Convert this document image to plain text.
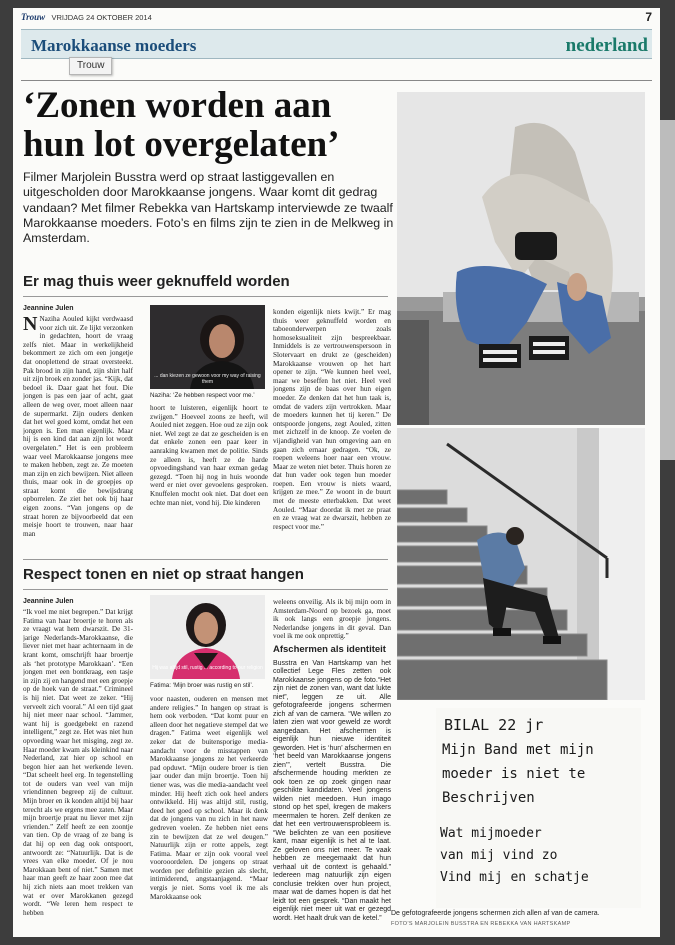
Trouw VRIJDAG 24 OKTOBER 2014	7
Marokkaanse moeders	nederland
Trouw
‘Zonen worden aan hun lot overgelaten’

Filmer Marjolein Busstra werd op straat lastiggevallen en uitgescholden door Marokkaanse jongens. Waar komt dit gedrag vandaan? Met filmer Rebekka van Hartskamp interviewde ze twaalf Marokkaanse moeders. Foto’s en films zijn te zien in de Melkweg in Amsterdam.

Er mag thuis weer geknuffeld worden
Jeannine Julen
N Naziha Aouled kijkt verdwaasd voor zich uit. Ze lijkt verzonken in gedachten, hoort de vraag zelfs niet. Maar in werkelijkheid bekommert ze zich om een jongetje dat onoplettend de straat oversteekt. Pak brood in zijn hand, zijn shirt half uit zijn broek en zonder jas. “Kijk, dat bedoel ik. Daar gaat het fout. Die jongen is pas een jaar of acht, gaat alleen de weg over, moet alleen naar de supermarkt. Zijn ouders denken dat het wel goed komt, omdat het een jongen is. Een man eigenlijk. Maar hij is een kind dat aan zijn lot wordt overgelaten.” Het is een probleem waar veel Marokkaanse jongens mee te maken hebben, zegt ze. Ze moeten man zijn en zich bewijzen. Niet alleen thuis, maar ook in de groepjes op straat komt die bewijsdrang opborrelen. Ze ziet het ook bij haar eigen zoons. “Van jongens op de straat horen ze bijvoorbeeld dat een meisje hoort te trouwen, naar haar man
... dan kiezen ze gewoon voor my way of raising them
Naziha: ‘Ze hebben respect voor me.’
hoort te luisteren, eigenlijk hoort te zwijgen.” Hoeveel zoons ze heeft, wil Aouled niet zeggen. Hoe oud ze zijn ook niet. Wel zegt ze dat ze gescheiden is en dat enkele zonen een paar keer in aanraking kwamen met de politie. Sinds ze alleen is, heeft ze de harde opvoedingshand van haar exman gedag gezegd. “Toen hij nog in huis woonde werd er niet over gevoelens gesproken. Knuffelen mocht ook niet. Dat doet een echte man niet, vond hij. Die kinderen
konden eigenlijk niets kwijt.” Er mag thuis weer geknuffeld worden en taboeonderwerpen zoals homoseksualiteit zijn bespreekbaar. Inmiddels is ze vertrouwenspersoon in Slotervaart en drukt ze (gescheiden) Marokkaanse vrouwen op het hart opener te zijn. “We kunnen heel veel, maar we beseffen het niet. Heel veel jongens zijn de baas over hun eigen moeder. Ze denken dat het hun taak is, omdat de vaders zijn vertrokken. Maar de moeders kunnen het tij keren.” De ontspoorde jongens, zegt Aouled, zitten met zichzelf in de knoop. Ze voelen de vijandigheid van hun omgeving aan en gaan zich ernaar gedragen. “Ok, ze roepen weleens hoer naar een vrouw. Maar ze weten niet beter. Thuis horen ze dat hun vader ook tegen hun moeder roepen. Een vrouw is niets waard, krijgen ze mee.” Ze woont in de buurt met de meeste etterbakken. Dat weet Aouled. “Maar doordat ik met ze praat en ze vraag wat ze dwarszit, hebben ze respect voor me.”
Respect tonen en niet op straat hangen
Jeannine Julen
“Ik voel me niet begrepen.” Dat krijgt Fatima van haar broertje te horen als ze vraagt wat hem dwarszit. De 31-jarige Nederlands-Marokkaanse, die liever niet met haar achternaam in de krant komt, omschrijft haar broertje als ‘het prototype Marokkaan’. “Een jongen met een bontkraag, een tasje in zijn zij en hangend met een groepje op de hoek van de straat.” Crimineel is hij niet. Dat weet ze zeker. “Hij verveelt zich vooral.” Al een tijd gaat hij niet meer naar school. “Jammer, want hij is goedgebekt en razend intelligent,” zegt ze. Het was niet hun opvoeding waar het misging, zegt ze. Haar moeder kwam als kleinkind naar Nederland, zat hier op school en begon hier aan het werkende leven. “Dat scheelt heel erg. In tegenstelling tot de ouders van veel van mijn vriendinnen begreep zij de cultuur. Mijn broer en ik konden altijd bij haar terecht als we ergens mee zaten. Maar mijn broertje praat nu liever met zijn vrienden.” Zelf heeft ze een zoontje van tien. Op de vraag of ze bang is dat hij op een dag ook ontspoort, antwoordt ze: “Natuurlijk. Dat is de vrees van elke moeder. Of je nou Marokkaan bent of niet.” Samen met haar man geeft ze haar zoon mee dat hij zich niets aan moet trekken van wat er over Marokkanen gezegd wordt. “We leren hem respect te hebben
Hij was altijd stil, rustig ... according to our religion
Fatima: ‘Mijn broer was rustig en stil’.
voor naasten, ouderen en mensen met andere religies.” In hangen op straat is hem ook verboden. “Dat komt puur en alleen door het negatieve stempel dat we dragen.” Fatima weet eigenlijk wel zeker dat de buitensporige media-aandacht voor de misstappen van Marokkaanse jongens ze het verkeerde pad opduwt. “Mijn oudere broer is tien jaar ouder dan mijn broertje. Toen hij tiener was, was die media-aandacht veel minder. Hij heeft zich ook heel anders ontwikkeld. Hij was altijd stil, rustig, deed het goed op school. Maar ik denk dat de jongens van nu zich in het nauw gedreven voelen. Ze hebben niet eens zin te bewijzen dat ze wel deugen.” Natuurlijk zijn er rotte appels, zegt Fatima. Maar er zijn ook vooral veel voorooordelen. De jongens op straat worden per definitie gezien als slecht, intimiderend, angstaanjagend. “Maar vergis je niet. Soms voel ik me als Marokkaanse ook
weleens onveilig. Als ik bij mijn oom in Amsterdam-Noord op bezoek ga, moet ik ook langs een groepje jongens. Nederlandse jongens in dit geval. Dan voel ik me ook onprettig.”
Afschermen als identiteit
Busstra en Van Hartskamp van het collectief Lege Fles zetten ook Marokkaanse jongens op de foto.“Het zijn niet de zonen van, want dat lukte niet”, leggen ze uit. Alle gefotografeerde jongens schermen zich af van de camera. “We willen zo laten zien wat voor geweld ze wordt aangedaan. Het afschermen is eigenlijk hun nieuwe identiteit geworden. Het is ‘hun’ afschermen en ‘het beeld van Marokkaanse jongens zien’”, vertelt Busstra. Die afschermende houding merkten ze ook toen ze op zoek gingen naar geschikte kandidaten. Veel jongens wilden niet meedoen. Hun imago stond op het spel, kregen de makers meermalen te horen. Zelf denken ze dat het een vertrouwensprobleem is. “We belichten ze van een positieve kant, maar eigenlijk is het al te laat. Ze geloven ons niet meer. Te vaak hebben ze meegemaakt dat hun verhaal uit de context is gehaald.” Iedereen mag natuurlijk zijn eigen conclusie trekken over hun project, maar wat de dames hopen is dat het leidt tot een gesprek. “Dan maakt het eigenlijk niet meer uit wat er gezegd wordt. Het haalt druk van de ketel.”
BILAL 22 jr
Mijn Band met mijn
moeder is niet te
Beschrijven
Wat mijmoeder
van mij vind zo
Vind mij en schatje
De gefotografeerde jongens schermen zich allen af van de camera.
FOTO’S MARJOLEIN BUSSTRA EN REBEKKA VAN HARTSKAMP
